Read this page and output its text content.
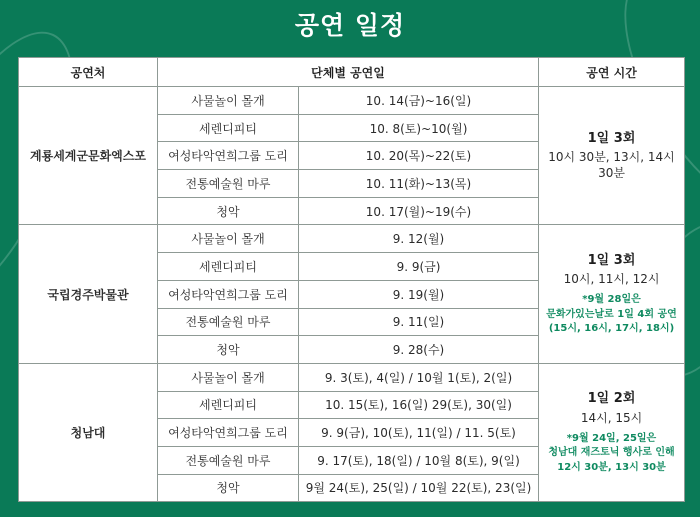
공연 일정
공연처	단체별 공연일		공연 시간
계룡세계군문화엑스포	사물놀이 몰개	10. 14(금)~16(일)	1일 3회
10시 30분, 13시, 14시 30분

	세렌디피티	10. 8(토)~10(월)	
	여성타악연희그룹 도리	10. 20(목)~22(토)	
	전통예술원 마루	10. 11(화)~13(목)	
	청악	10. 17(월)~19(수)	
국립경주박물관	사물놀이 몰개	9. 12(월)	1일 3회
10시, 11시, 12시
*9월 28일은
문화가있는날로 1일 4회 공연
(15시, 16시, 17시, 18시)

	세렌디피티	9. 9(금)	
	여성타악연희그룹 도리	9. 19(월)	
	전통예술원 마루	9. 11(일)	
	청악	9. 28(수)	
청남대	사물놀이 몰개	9. 3(토), 4(일) / 10월 1(토), 2(일)	1일 2회
14시, 15시
*9월 24일, 25일은
청남대 재즈토닉 행사로 인해
12시 30분, 13시 30분

	세렌디피티	10. 15(토), 16(일) 29(토), 30(일)	
	여성타악연희그룹 도리	9. 9(금), 10(토), 11(일) / 11. 5(토)	
	전통예술원 마루	9. 17(토), 18(일) / 10월 8(토), 9(일)	
	청악	9월 24(토), 25(일) / 10월 22(토), 23(일)	
